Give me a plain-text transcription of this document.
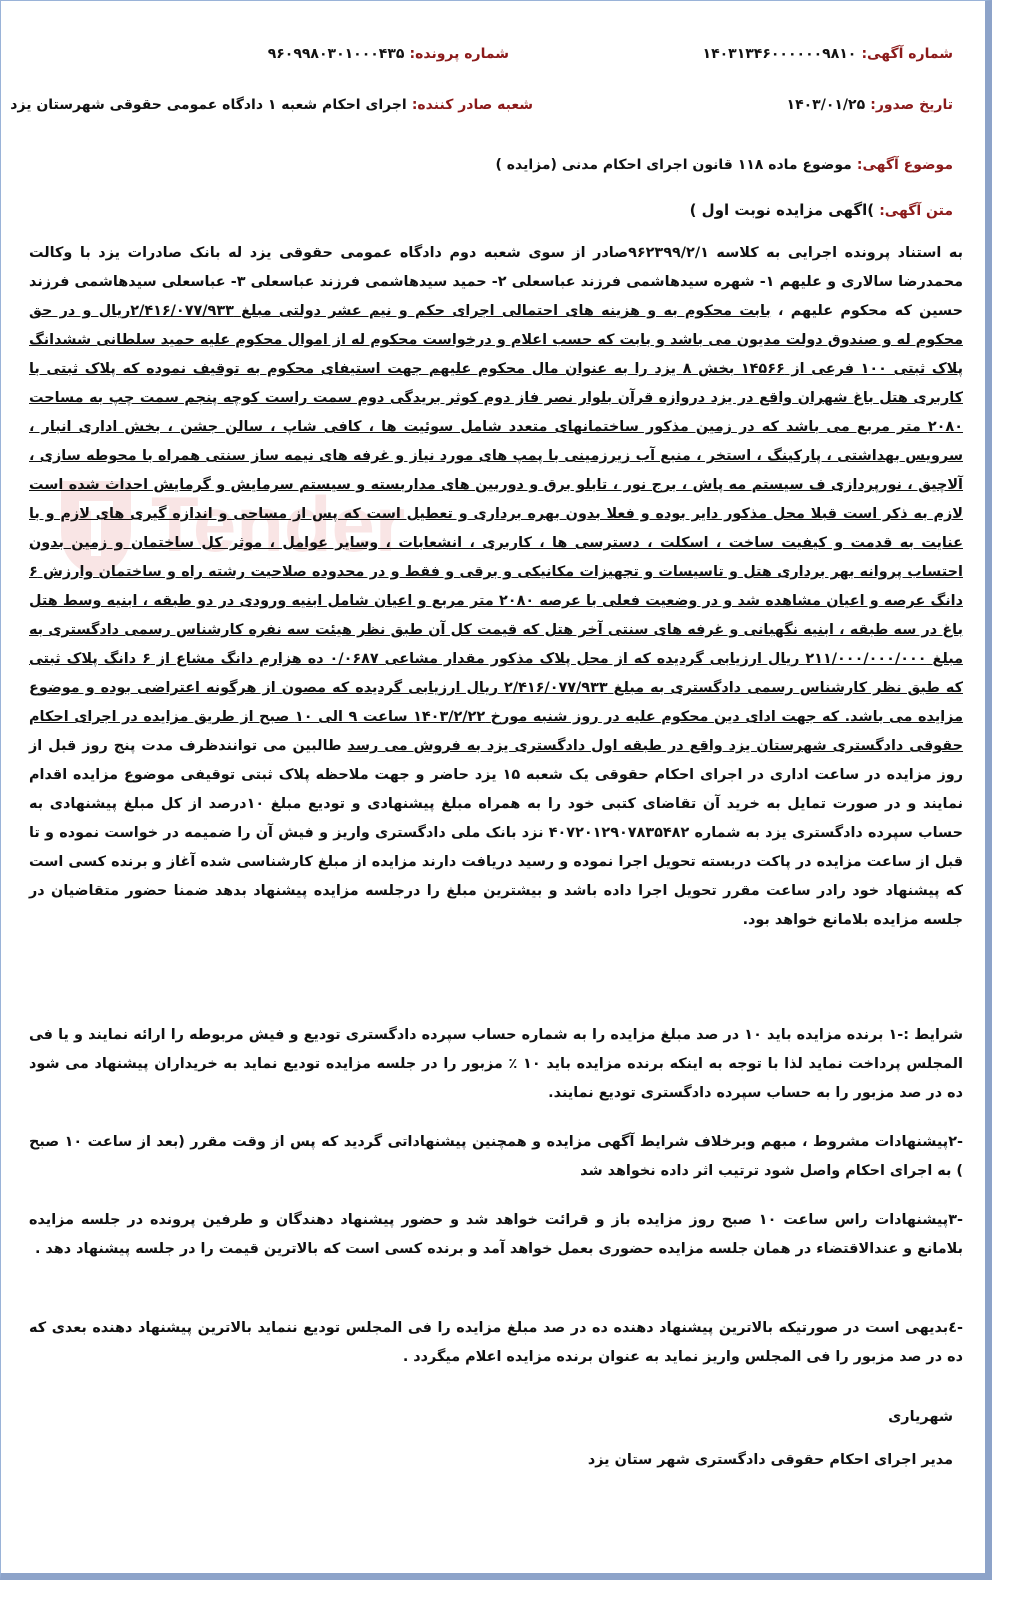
Tender
شماره آگهی: ۱۴۰۳۱۳۴۶۰۰۰۰۰۰۹۸۱۰
شماره پرونده: ۹۶۰۹۹۸۰۳۰۱۰۰۰۴۳۵
تاریخ صدور: ۱۴۰۳/۰۱/۲۵
شعبه صادر کننده: اجرای احکام شعبه ۱ دادگاه عمومی حقوقی شهرستان یزد
موضوع آگهی: موضوع ماده ۱۱۸ قانون اجرای احکام مدنی (مزایده )
متن آگهی: )اگهی مزایده نوبت اول )
به استناد پرونده اجرایی به کلاسه ۹۶۲۳۹۹/۲/۱صادر از سوی شعبه دوم دادگاه عمومی حقوقی یزد له بانک صادرات یزد با وکالت محمدرضا سالاری و علیهم ۱- شهره سیدهاشمی فرزند عباسعلی ۲- حمید سیدهاشمی فرزند عباسعلی ۳- عباسعلی سیدهاشمی فرزند حسین که محکوم علیهم ، بابت محکوم به و هزینه های احتمالی اجرای حکم و نیم عشر دولتی مبلغ ۲/۴۱۶/۰۷۷/۹۳۳ریال و در حق محکوم له و صندوق دولت مدیون می باشد و بابت که حسب اعلام و درخواست محکوم له از اموال محکوم علیه حمید سلطانی ششدانگ پلاک ثبتی ۱۰۰ فرعی از ۱۴۵۶۶ بخش ۸ یزد را به عنوان مال محکوم علیهم جهت استیفای محکوم به توقیف نموده که پلاک ثبتی با کاربری هتل باغ شهران واقع در یزد دروازه قرآن بلوار نصر فاز دوم کوثر بریدگی دوم سمت راست کوچه پنجم سمت چپ به مساحت ۲۰۸۰ متر مربع می باشد که در زمین مذکور ساختمانهای متعدد شامل سوئیت ها ، کافی شاپ ، سالن جشن ، بخش اداری انبار ، سرویس بهداشتی ، پارکینگ ، استخر ، منبع آب زیرزمینی با پمپ های مورد نیاز و غرفه های نیمه ساز سنتی همراه با محوطه سازی ، آلاچیق ، نورپردازی ف سیستم مه پاش ، برج نور ، تابلو برق و دوربین های مداربسته و سیستم سرمایش و گرمایش احداث شده است لازم به ذکر است قبلا محل مذکور دایر بوده و فعلا بدون بهره برداری و تعطیل است که پس از مساحی و اندازه گیری های لازم و با عنایت به قدمت و کیفیت ساخت ، اسکلت ، دسترسی ها ، کاربری ، انشعابات ، وسایر عوامل ، موثر کل ساختمان و زمین بدون احتساب پروانه بهر برداری هتل و تاسیسات و تجهیزات مکانیکی و برقی و فقط و در محدوده صلاحیت رشته راه و ساختمان وارزش ۶ دانگ عرصه و اعیان مشاهده شد و در وضعیت فعلی با عرصه ۲۰۸۰ متر مربع و اعیان شامل ابنیه ورودی در دو طبقه ، ابنیه وسط هتل باغ در سه طبقه ، ابنیه نگهبانی و غرفه های سنتی آخر هتل که قیمت کل آن طبق نظر هیئت سه نفره کارشناس رسمی دادگستری به مبلغ ۲۱۱/۰۰۰/۰۰۰/۰۰۰ ریال ارزیابی گردیده که از محل پلاک مذکور مقدار مشاعی ۰/۰۶۸۷ ده هزارم دانگ مشاع از ۶ دانگ پلاک ثبتی که طبق نظر کارشناس رسمی دادگستری به مبلغ ۲/۴۱۶/۰۷۷/۹۳۳ ریال ارزیابی گردیده که مصون از هرگونه اعتراضی بوده و موضوع مزایده می باشد. که جهت ادای دین محکوم علیه در روز شنبه مورخ ۱۴۰۳/۲/۲۲ ساعت ۹ الی ۱۰ صبح از طریق مزایده در اجرای احکام حقوقی دادگستری شهرستان یزد واقع در طبقه اول دادگستری یزد به فروش می رسد طالبین می توانندظرف مدت پنج روز قبل از روز مزایده در ساعت اداری در اجرای احکام حقوقی یک شعبه ۱۵ یزد حاضر و جهت ملاحظه پلاک ثبتی توقیفی موضوع مزایده اقدام نمایند و در صورت تمایل به خرید آن تقاضای کتبی خود را به همراه مبلغ پیشنهادی و تودیع مبلغ ۱۰درصد از کل مبلغ پیشنهادی به حساب سپرده دادگستری یزد به شماره ۴۰۷۲۰۱۲۹۰۷۸۳۵۴۸۲ نزد بانک ملی دادگستری واریز و فیش آن را ضمیمه در خواست نموده و تا قبل از ساعت مزایده در پاکت دربسته تحویل اجرا نموده و رسید دریافت دارند مزایده از مبلغ کارشناسی شده آغاز و برنده کسی است که پیشنهاد خود رادر ساعت مقرر تحویل اجرا داده باشد و بیشترین مبلغ را درجلسه مزایده پیشنهاد بدهد ضمنا حضور متقاضیان در جلسه مزایده بلامانع خواهد بود.
شرایط :-۱ برنده مزایده باید ۱۰ در صد مبلغ مزایده را به شماره حساب سپرده دادگستری تودیع و فیش مربوطه را ارائه نمایند و یا فی المجلس پرداخت نماید لذا با توجه به اینکه برنده مزایده باید ۱۰ ٪ مزبور را در جلسه مزایده تودیع نماید به خریداران پیشنهاد می شود ده در صد مزبور را به حساب سپرده دادگستری تودیع نمایند.
-۲پیشنهادات مشروط ، مبهم وبرخلاف شرایط آگهی مزایده و همچنین پیشنهاداتی گردید که پس از وقت مقرر (بعد از ساعت ۱۰ صبح ) به اجرای احکام واصل شود ترتیب اثر داده نخواهد شد
-۳پیشنهادات راس ساعت ۱۰ صبح روز مزایده باز و قرائت خواهد شد و حضور پیشنهاد دهندگان و طرفین پرونده در جلسه مزایده بلامانع و عندالاقتضاء در همان جلسه مزایده حضوری بعمل خواهد آمد و برنده کسی است که بالاترین قیمت را در جلسه پیشنهاد دهد .
-٤بدیهی است در صورتیکه بالاترین پیشنهاد دهنده ده در صد مبلغ مزایده را فی المجلس تودیع ننماید بالاترین پیشنهاد دهنده بعدی که ده در صد مزبور را فی المجلس واریز نماید به عنوان برنده مزایده اعلام میگردد .
شهریاری
مدیر اجرای احکام حقوقی دادگستری شهر ستان یزد
